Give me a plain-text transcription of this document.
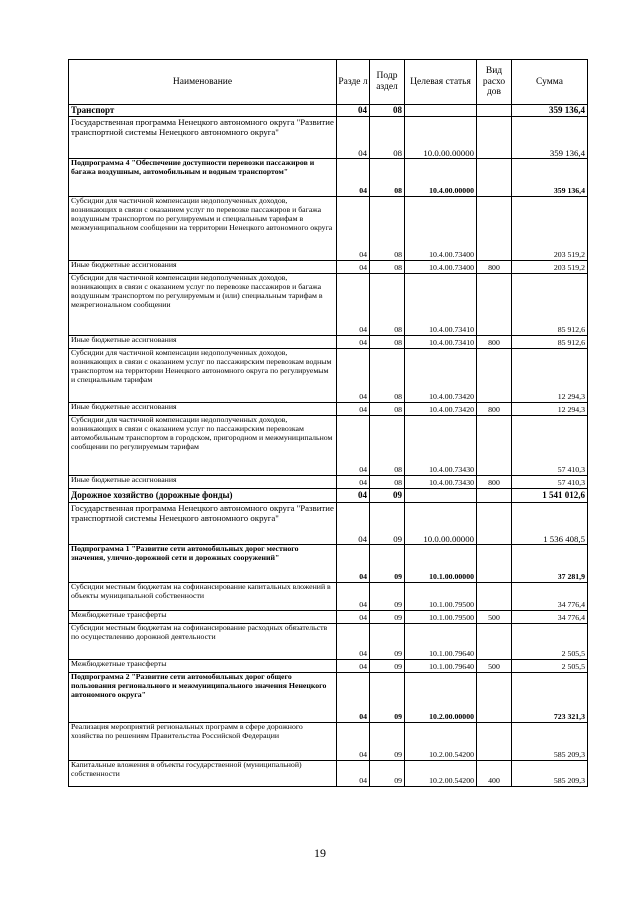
Наименование	Разде л	Подр аздел	Целевая статья	Вид расхо дов	Сумма
Транспорт	04	08			359 136,4
Государственная программа Ненецкого автономного округа "Развитие транспортной системы Ненецкого автономного округа"	04	08	10.0.00.00000		359 136,4
Подпрограмма 4 "Обеспечение доступности перевозки пассажиров и багажа воздушным, автомобильным и водным транспортом"	04	08	10.4.00.00000		359 136,4
Субсидии для частичной компенсации недополученных доходов, возникающих в связи с оказанием услуг по перевозке пассажиров и багажа воздушным транспортом по регулируемым и специальным тарифам в межмуниципальном сообщении на территории Ненецкого автономного округа	04	08	10.4.00.73400		203 519,2
Иные бюджетные ассигнования	04	08	10.4.00.73400	800	203 519,2
Субсидии для частичной компенсации недополученных доходов, возникающих в связи с оказанием услуг по перевозке пассажиров и багажа воздушным транспортом по регулируемым и (или) специальным тарифам в межрегиональном сообщении	04	08	10.4.00.73410		85 912,6
Иные бюджетные ассигнования	04	08	10.4.00.73410	800	85 912,6
Субсидии для частичной компенсации недополученных доходов, возникающих в связи с оказанием услуг по пассажирским перевозкам водным транспортом на территории Ненецкого автономного округа по регулируемым и специальным тарифам	04	08	10.4.00.73420		12 294,3
Иные бюджетные ассигнования	04	08	10.4.00.73420	800	12 294,3
Субсидии для частичной компенсации недополученных доходов, возникающих в связи с оказанием услуг по пассажирским перевозкам автомобильным транспортом в городском, пригородном и межмуниципальном сообщении по регулируемым тарифам	04	08	10.4.00.73430		57 410,3
Иные бюджетные ассигнования	04	08	10.4.00.73430	800	57 410,3
Дорожное хозяйство (дорожные фонды)	04	09			1 541 012,6
Государственная программа Ненецкого автономного округа "Развитие транспортной системы Ненецкого автономного округа"	04	09	10.0.00.00000		1 536 408,5
Подпрограмма 1 "Развитие сети автомобильных дорог местного значения, улично-дорожной сети и дорожных сооружений"	04	09	10.1.00.00000		37 281,9
Субсидии местным бюджетам на софинансирование капитальных вложений в объекты муниципальной собственности	04	09	10.1.00.79500		34 776,4
Межбюджетные трансферты	04	09	10.1.00.79500	500	34 776,4
Субсидии местным бюджетам на софинансирование расходных обязательств по осуществлению дорожной деятельности	04	09	10.1.00.79640		2 505,5
Межбюджетные трансферты	04	09	10.1.00.79640	500	2 505,5
Подпрограмма 2 "Развитие сети автомобильных дорог общего пользования регионального и межмуниципального значения Ненецкого автономного округа"	04	09	10.2.00.00000		723 321,3
Реализация мероприятий региональных программ в сфере дорожного хозяйства по решениям Правительства Российской Федерации	04	09	10.2.00.54200		585 209,3
Капитальные вложения в объекты государственной (муниципальной) собственности	04	09	10.2.00.54200	400	585 209,3
19
